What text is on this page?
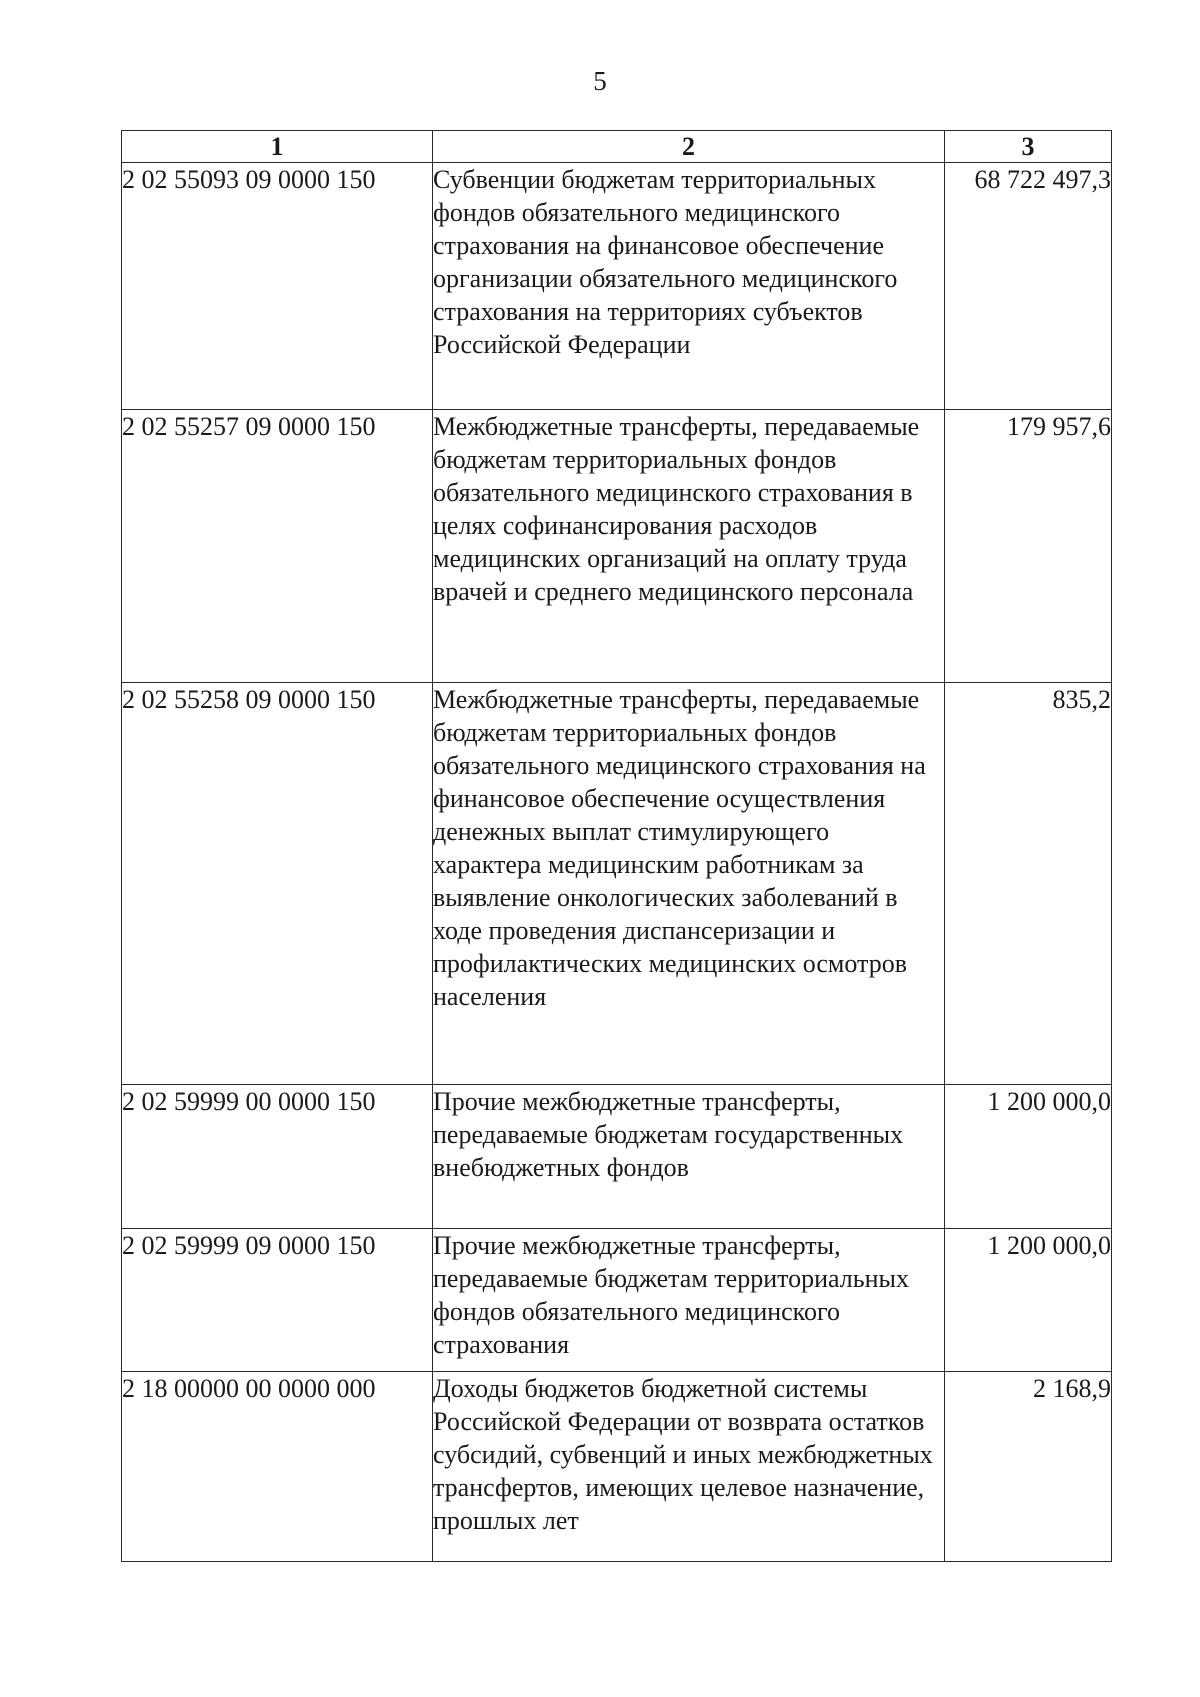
5
1	2	3
2 02 55093 09 0000 150	Субвенции бюджетам территориальных фондов обязательного медицинского страхования на финансовое обеспечение организации обязательного медицинского страхования на территориях субъектов Российской Федерации	68 722 497,3
2 02 55257 09 0000 150	Межбюджетные трансферты, передаваемые бюджетам территориальных фондов обязательного медицинского страхования в целях софинансирования расходов медицинских организаций на оплату труда врачей и среднего медицинского персонала	179 957,6
2 02 55258 09 0000 150	Межбюджетные трансферты, передаваемые бюджетам территориальных фондов обязательного медицинского страхования на финансовое обеспечение осуществления денежных выплат стимулирующего характера медицинским работникам за выявление онкологических заболеваний в ходе проведения диспансеризации и профилактических медицинских осмотров населения	835,2
2 02 59999 00 0000 150	Прочие межбюджетные трансферты, передаваемые бюджетам государственных внебюджетных фондов	1 200 000,0
2 02 59999 09 0000 150	Прочие межбюджетные трансферты, передаваемые бюджетам территориальных фондов обязательного медицинского страхования	1 200 000,0
2 18 00000 00 0000 000	Доходы бюджетов бюджетной системы Российской Федерации от возврата остатков субсидий, субвенций и иных межбюджетных трансфертов, имеющих целевое назначение, прошлых лет	2 168,9
